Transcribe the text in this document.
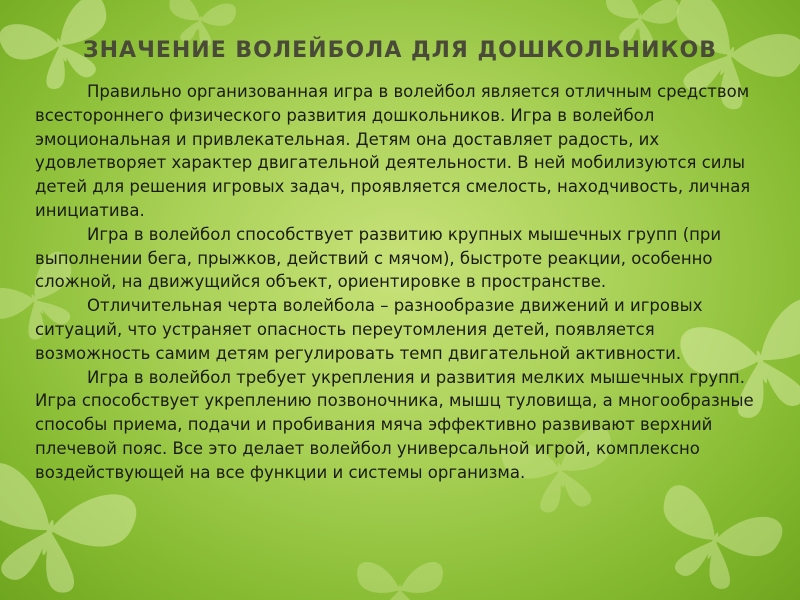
ЗНАЧЕНИЕ ВОЛЕЙБОЛА ДЛЯ ДОШКОЛЬНИКОВ

Правильно организованная игра в волейбол является отличным средством всестороннего физического развития дошкольников. Игра в волейбол эмоциональная и привлекательная. Детям она доставляет радость, их удовлетворяет характер двигательной деятельности. В ней мобилизуются силы детей для решения игровых задач, проявляется смелость, находчивость, личная инициатива.

Игра в волейбол способствует развитию крупных мышечных групп (при выполнении бега, прыжков, действий с мячом), быстроте реакции, особенно сложной, на движущийся объект, ориентировке в пространстве.

Отличительная черта волейбола – разнообразие движений и игровых ситуаций, что устраняет опасность переутомления детей, появляется возможность самим детям регулировать темп двигательной активности.

Игра в волейбол требует укрепления и развития мелких мышечных групп. Игра способствует укреплению позвоночника, мышц туловища, а многообразные способы приема, подачи и пробивания мяча эффективно развивают верхний плечевой пояс. Все это делает волейбол универсальной игрой, комплексно воздействующей на все функции и системы организма.
